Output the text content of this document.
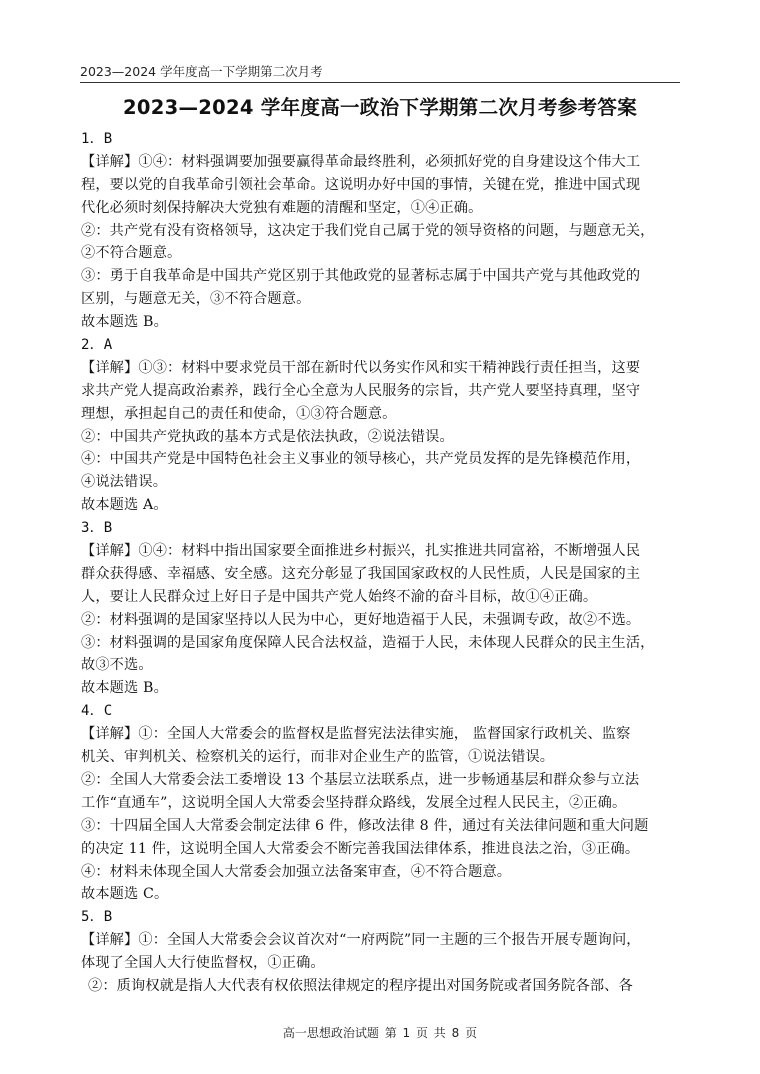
2023—2024 学年度高一下学期第二次月考
2023—2024 学年度高一政治下学期第二次月考参考答案
1．B
【详解】①④：材料强调要加强要赢得革命最终胜利，必须抓好党的自身建设这个伟大工
程，要以党的自我革命引领社会革命。这说明办好中国的事情，关键在党，推进中国式现
代化必须时刻保持解决大党独有难题的清醒和坚定，①④正确。
②：共产党有没有资格领导，这决定于我们党自己属于党的领导资格的问题，与题意无关，
②不符合题意。
③：勇于自我革命是中国共产党区别于其他政党的显著标志属于中国共产党与其他政党的
区别，与题意无关，③不符合题意。
故本题选 B。
2．A
【详解】①③：材料中要求党员干部在新时代以务实作风和实干精神践行责任担当，这要
求共产党人提高政治素养，践行全心全意为人民服务的宗旨，共产党人要坚持真理，坚守
理想，承担起自己的责任和使命，①③符合题意。
②：中国共产党执政的基本方式是依法执政，②说法错误。
④：中国共产党是中国特色社会主义事业的领导核心，共产党员发挥的是先锋模范作用，
④说法错误。
故本题选 A。
3．B
【详解】①④：材料中指出国家要全面推进乡村振兴，扎实推进共同富裕，不断增强人民
群众获得感、幸福感、安全感。这充分彰显了我国国家政权的人民性质，人民是国家的主
人，要让人民群众过上好日子是中国共产党人始终不渝的奋斗目标，故①④正确。
②：材料强调的是国家坚持以人民为中心，更好地造福于人民，未强调专政，故②不选。
③：材料强调的是国家角度保障人民合法权益，造福于人民，未体现人民群众的民主生活，
故③不选。
故本题选 B。
4．C
【详解】①：全国人大常委会的监督权是监督宪法法律实施， 监督国家行政机关、监察
机关、审判机关、检察机关的运行，而非对企业生产的监管，①说法错误。
②：全国人大常委会法工委增设 13 个基层立法联系点，进一步畅通基层和群众参与立法
工作“直通车”，这说明全国人大常委会坚持群众路线，发展全过程人民民主，②正确。
③：十四届全国人大常委会制定法律 6 件，修改法律 8 件，通过有关法律问题和重大问题
的决定 11 件，这说明全国人大常委会不断完善我国法律体系，推进良法之治，③正确。
④：材料未体现全国人大常委会加强立法备案审查，④不符合题意。
故本题选 C。
5．B
【详解】①：全国人大常委会会议首次对“一府两院”同一主题的三个报告开展专题询问，
体现了全国人大行使监督权，①正确。
②：质询权就是指人大代表有权依照法律规定的程序提出对国务院或者国务院各部、各
高一思想政治试题 第 1 页 共 8 页
